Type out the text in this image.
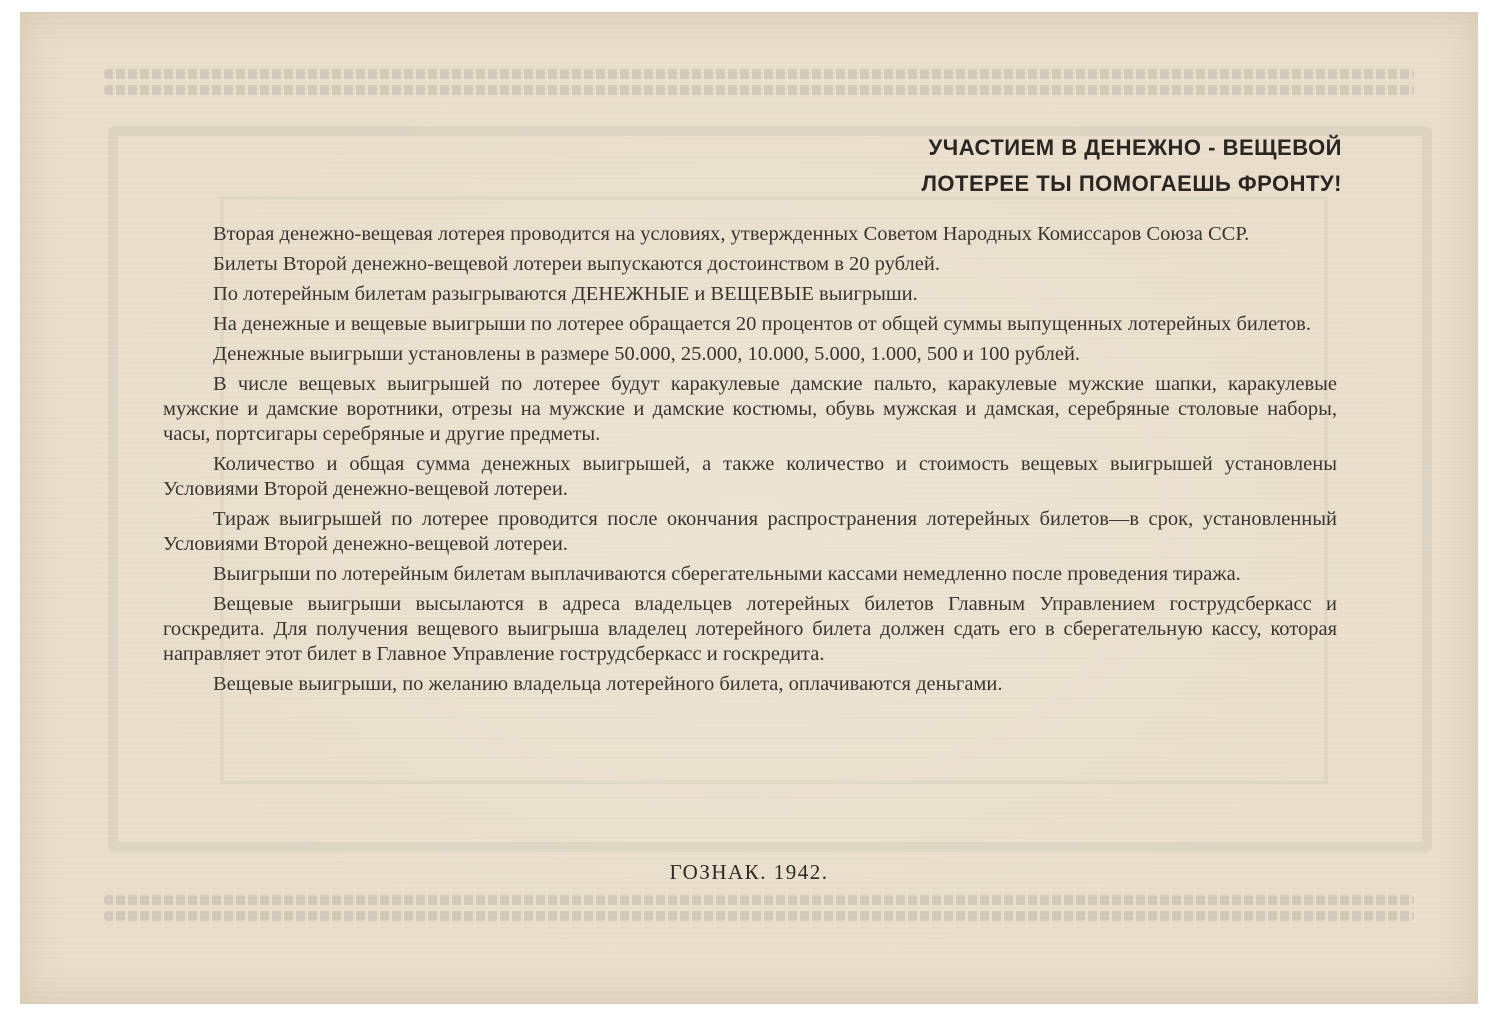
УЧАСТИЕМ В ДЕНЕЖНО - ВЕЩЕВОЙ
ЛОТЕРЕЕ ТЫ ПОМОГАЕШЬ ФРОНТУ!

Вторая денежно-вещевая лотерея проводится на условиях, утвержденных Советом Народных Комиссаров Союза ССР.

Билеты Второй денежно-вещевой лотереи выпускаются достоинством в 20 рублей.

По лотерейным билетам разыгрываются ДЕНЕЖНЫЕ и ВЕЩЕВЫЕ выигрыши.

На денежные и вещевые выигрыши по лотерее обращается 20 процентов от общей суммы выпущенных лотерейных билетов.

Денежные выигрыши установлены в размере 50.000, 25.000, 10.000, 5.000, 1.000, 500 и 100 рублей.

В числе вещевых выигрышей по лотерее будут каракулевые дамские пальто, каракулевые мужские шапки, каракулевые мужские и дамские воротники, отрезы на мужские и дамские костюмы, обувь мужская и дамская, серебряные столовые наборы, часы, портсигары серебряные и другие предметы.

Количество и общая сумма денежных выигрышей, а также количество и стоимость вещевых выигрышей установлены Условиями Второй денежно-вещевой лотереи.

Тираж выигрышей по лотерее проводится после окончания распространения лотерейных билетов—в срок, установленный Условиями Второй денежно-вещевой лотереи.

Выигрыши по лотерейным билетам выплачиваются сберегательными кассами немедленно после проведения тиража.

Вещевые выигрыши высылаются в адреса владельцев лотерейных билетов Главным Управлением гострудсберкасс и госкредита. Для получения вещевого выигрыша владелец лотерейного билета должен сдать его в сберегательную кассу, которая направляет этот билет в Главное Управление гострудсберкасс и госкредита.

Вещевые выигрыши, по желанию владельца лотерейного билета, оплачиваются деньгами.

ГОЗНАК. 1942.
